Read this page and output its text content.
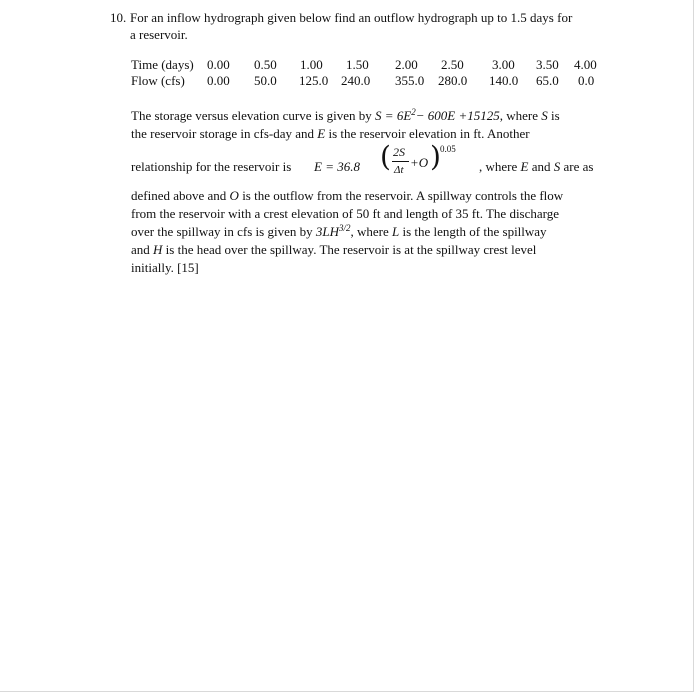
10. For an inflow hydrograph given below find an outflow hydrograph up to 1.5 days for
a reservoir.
Time (days) 0.00 0.50 1.00 1.50 2.00 2.50 3.00 3.50 4.00
Flow (cfs) 0.00 50.0 125.0 240.0 355.0 280.0 140.0 65.0 0.0
The storage versus elevation curve is given by $S = 6E^2- 600E +15125$, where S is
the reservoir storage in cfs-day and E is the reservoir elevation in ft. Another
relationship for the reservoir is E = 36.8 ( 2S
Δt +O ) 0.05
, where E and S are as
defined above and O is the outflow from the reservoir. A spillway controls the flow
from the reservoir with a crest elevation of 50 ft and length of 35 ft. The discharge
over the spillway in cfs is given by $3LH^{3/2}$, where L is the length of the spillway
and H is the head over the spillway. The reservoir is at the spillway crest level
initially. [15]
